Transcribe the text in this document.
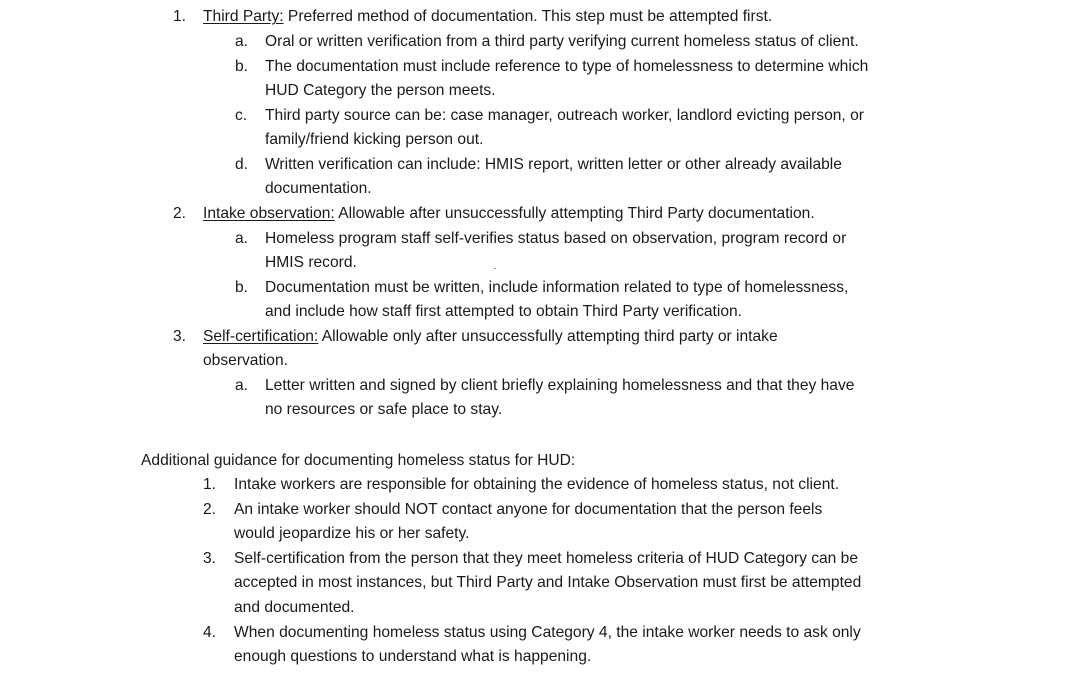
1. Third Party: Preferred method of documentation. This step must be attempted first.
a. Oral or written verification from a third party verifying current homeless status of client.
b. The documentation must include reference to type of homelessness to determine which
HUD Category the person meets.
c. Third party source can be: case manager, outreach worker, landlord evicting person, or
family/friend kicking person out.
d. Written verification can include: HMIS report, written letter or other already available
documentation.
2. Intake observation: Allowable after unsuccessfully attempting Third Party documentation.
a. Homeless program staff self-verifies status based on observation, program record or
HMIS record.
b. Documentation must be written, include information related to type of homelessness,
and include how staff first attempted to obtain Third Party verification.
3. Self-certification: Allowable only after unsuccessfully attempting third party or intake
observation.
a. Letter written and signed by client briefly explaining homelessness and that they have
no resources or safe place to stay.
Additional guidance for documenting homeless status for HUD:
1. Intake workers are responsible for obtaining the evidence of homeless status, not client.
2. An intake worker should NOT contact anyone for documentation that the person feels
would jeopardize his or her safety.
3. Self-certification from the person that they meet homeless criteria of HUD Category can be
accepted in most instances, but Third Party and Intake Observation must first be attempted
and documented.
4. When documenting homeless status using Category 4, the intake worker needs to ask only
enough questions to understand what is happening.
